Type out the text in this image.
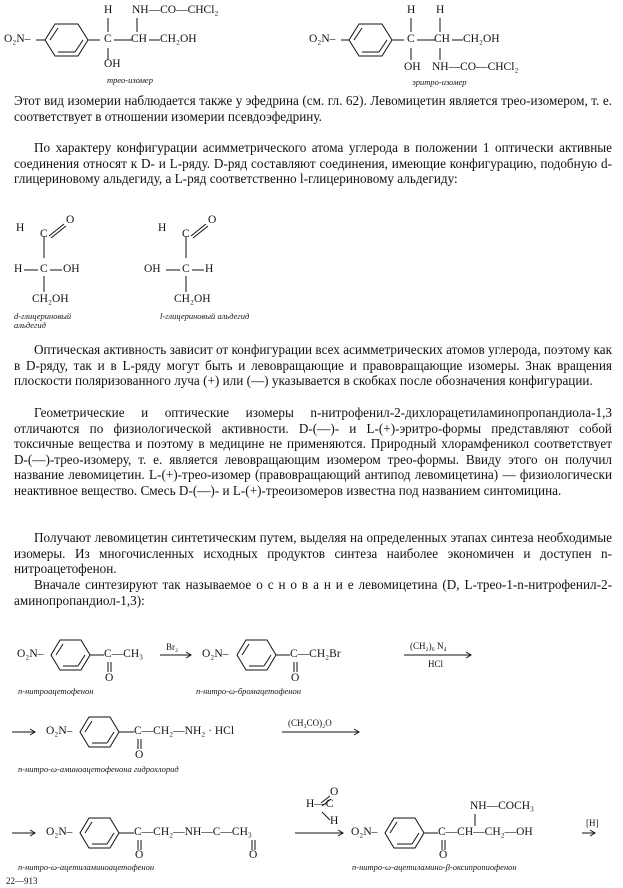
O₂N–
H
C
OH
NH—CO—CHCl₂
CH CH₂OH
трео-изомер
O₂N–
H H
C CH CH₂OH
OH NH—CO—CHCl₂
эритро-изомер
Этот вид изомерии наблюдается также у эфедрина (см. гл. 62). Левомицетин является трео-изомером, т. е. соответствует в отношении изомерии псевдоэфедрину.
По характеру конфигурации асимметрического атома углерода в положении 1 оптически активные соединения относят к D- и L-ряду. D-ряд составляют соединения, имеющие конфигурацию, подобную d-глицериновому альдегиду, а L-ряд соответственно l-глицериновому альдегиду:
H
O
C
H C OH
CH₂OH
d-глицериновый альдегид
H
O
C
OH C H
CH₂OH
l-глицериновый альдегид
Оптическая активность зависит от конфигурации всех асимметрических атомов углерода, поэтому как в D-ряду, так и в L-ряду могут быть и левовращающие и правовращающие изомеры. Знак вращения плоскости поляризованного луча (+) или (—) указывается в скобках после обозначения конфигурации.
Геометрические и оптические изомеры n-нитрофенил-2-дихлорацетиламинопропандиола-1,3 отличаются по физиологической активности. D-(—)- и L-(+)-эритро-формы представляют собой токсичные вещества и поэтому в медицине не применяются. Природный хлорамфеникол соответствует D-(—)-трео-изомеру, т. е. является левовращающим изомером трео-формы. Ввиду этого он получил название левомицетин. L-(+)-трео-изомер (правовращающий антипод левомицетина) — физиологически неактивное вещество. Смесь D-(—)- и L-(+)-треоизомеров известна под названием синтомицина.
Получают левомицетин синтетическим путем, выделяя на определенных этапах синтеза необходимые изомеры. Из многочисленных исходных продуктов синтеза наиболее экономичен и доступен n-нитроацетофенон.
Вначале синтезируют так называемое о с н о в а н и е левомицетина (D, L-трео-1-n-нитрофенил-2-аминопропандиол-1,3):
O₂N–	C—CH₃
O
Br₂
O₂N–	C—CH₂Br
O
(CH₂)₆ N₄
HCl
n-нитроацетофенон	n-нитро-ω-бромацетофенон
O₂N–	C—CH₂—NH₂ · HCl
O
(CH₃CO)₂O
n-нитро-ω-аминоацетофенона гидрохлорид
O₂N–	C—CH₂—NH—C—CH₃
O	O
H—C
O
H
O₂N–
NH—COCH₃
C—CH—CH₂—OH
O
[H]
n-нитро-ω-ацетиламиноацетофенон	n-нитро-ω-ацетиламино-β-оксипропиофенон
22—913
